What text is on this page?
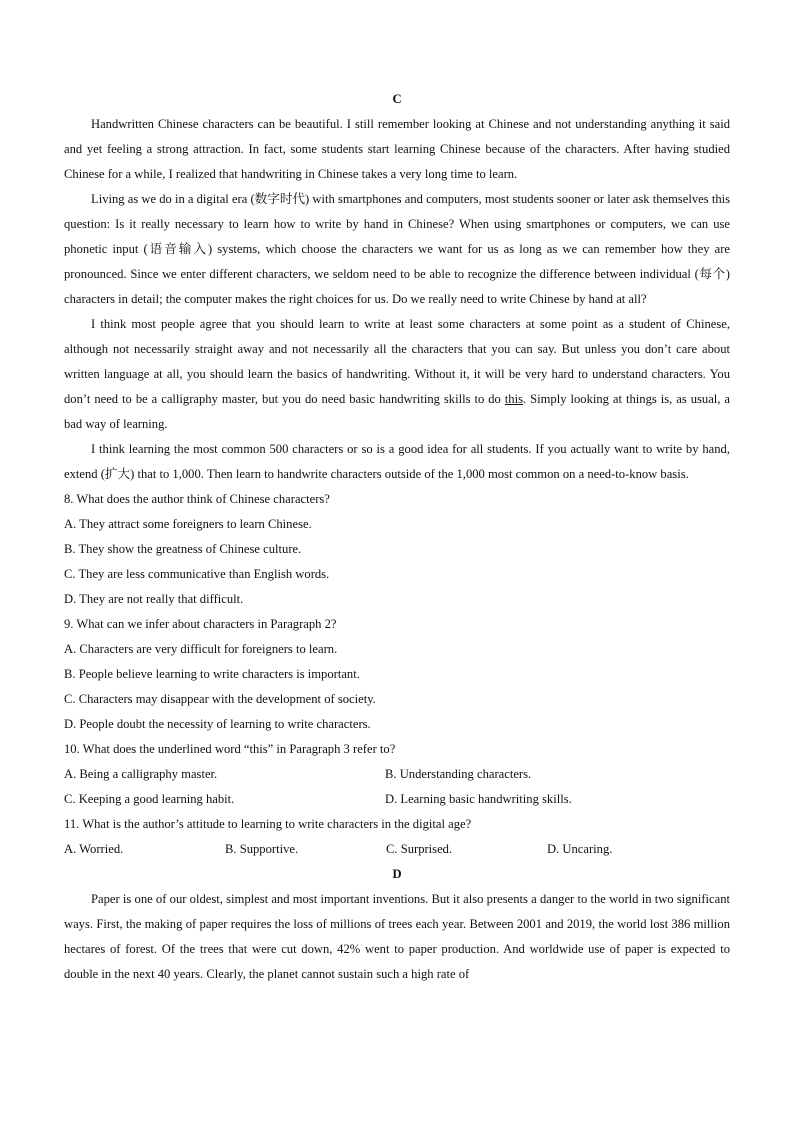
C

Handwritten Chinese characters can be beautiful. I still remember looking at Chinese and not understanding anything it said and yet feeling a strong attraction. In fact, some students start learning Chinese because of the characters. After having studied Chinese for a while, I realized that handwriting in Chinese takes a very long time to learn.

Living as we do in a digital era (数字时代) with smartphones and computers, most students sooner or later ask themselves this question: Is it really necessary to learn how to write by hand in Chinese? When using smartphones or computers, we can use phonetic input (语音输入) systems, which choose the characters we want for us as long as we can remember how they are pronounced. Since we enter different characters, we seldom need to be able to recognize the difference between individual (每个) characters in detail; the computer makes the right choices for us. Do we really need to write Chinese by hand at all?

I think most people agree that you should learn to write at least some characters at some point as a student of Chinese, although not necessarily straight away and not necessarily all the characters that you can say. But unless you don’t care about written language at all, you should learn the basics of handwriting. Without it, it will be very hard to understand characters. You don’t need to be a calligraphy master, but you do need basic handwriting skills to do this. Simply looking at things is, as usual, a bad way of learning.

I think learning the most common 500 characters or so is a good idea for all students. If you actually want to write by hand, extend (扩大) that to 1,000. Then learn to handwrite characters outside of the 1,000 most common on a need-to-know basis.

8. What does the author think of Chinese characters?
A. They attract some foreigners to learn Chinese.
B. They show the greatness of Chinese culture.
C. They are less communicative than English words.
D. They are not really that difficult.
9. What can we infer about characters in Paragraph 2?
A. Characters are very difficult for foreigners to learn.
B. People believe learning to write characters is important.
C. Characters may disappear with the development of society.
D. People doubt the necessity of learning to write characters.
10. What does the underlined word “this” in Paragraph 3 refer to?
A. Being a calligraphy master.	B. Understanding characters.
C. Keeping a good learning habit.	D. Learning basic handwriting skills.
11. What is the author’s attitude to learning to write characters in the digital age?
A. Worried.	B. Supportive.	C. Surprised.	D. Uncaring.
D

Paper is one of our oldest, simplest and most important inventions. But it also presents a danger to the world in two significant ways. First, the making of paper requires the loss of millions of trees each year. Between 2001 and 2019, the world lost 386 million hectares of forest. Of the trees that were cut down, 42% went to paper production. And worldwide use of paper is expected to double in the next 40 years. Clearly, the planet cannot sustain such a high rate of
